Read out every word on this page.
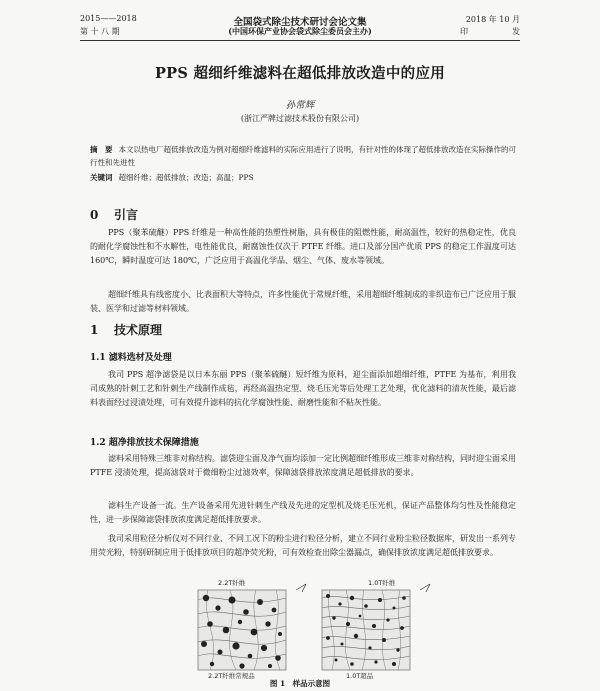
2015——2018	全国袋式除尘技术研讨会论文集	2018 年 10 月
第 十 八 期	(中国环保产业协会袋式除尘委员会主办)	印	发
PPS 超细纤维滤料在超低排放改造中的应用
孙常辉
(浙江严牌过滤技术股份有限公司)
摘　要 本文以热电厂超低排放改造为例对超细纤维滤料的实际应用进行了说明，有针对性的体现了超低排放改造在实际操作的可行性和先进性
关键词 超细纤维；超低排放；改造；高温；PPS
0 引言
PPS（聚苯硫醚）PPS 纤维是一种高性能的热塑性树脂，具有极佳的阻燃性能，耐高温性，较好的热稳定性，优良的耐化学腐蚀性和不水解性，电性能优良，耐腐蚀性仅次于 PTFE 纤维。进口及部分国产优质 PPS 的稳定工作温度可达 160℃，瞬时温度可达 180℃，广泛应用于高温化学品、烟尘、气体、废水等领域。
超细纤维具有线密度小、比表面积大等特点，许多性能优于常规纤维，采用超细纤维制成的非织造布已广泛应用于服装、医学和过滤等材料领域。
1 技术原理
1.1 滤料选材及处理
我司 PPS 超净滤袋是以日本东丽 PPS（聚苯硫醚）短纤维为原料，迎尘面添加超细纤维，PTFE 为基布，利用我司成熟的针刺工艺和针刺生产线制作成毡，再经高温热定型、烧毛压光等后处理工艺处理，优化滤料的清灰性能，最后滤料表面经过浸渍处理，可有效提升滤料的抗化学腐蚀性能、耐磨性能和不粘灰性能。
1.2 超净排放技术保障措施
滤料采用特殊三维非对称结构。滤袋迎尘面及净气面均添加一定比例超细纤维形成三维非对称结构，同时迎尘面采用 PTFE 浸渍处理，提高滤袋对于微细粉尘过滤效率，保障滤袋排放浓度满足超低排放的要求。
滤料生产设备一流。生产设备采用先进针刺生产线及先进的定型机及烧毛压光机，保证产品整体均匀性及性能稳定性，进一步保障滤袋排放浓度满足超低排放要求。
我司采用粒径分析仪对不同行业、不同工况下的粉尘进行粒径分析，建立不同行业粉尘粒径数据库，研发出一系列专用荧光粉，特别研制应用于低排放项目的超净荧光粉，可有效检查出除尘器漏点，确保排放浓度满足超低排放要求。
2.2T纤维	1.0T纤维
2.2T纤维常规品	1.0T超品
图 1　样品示意图
